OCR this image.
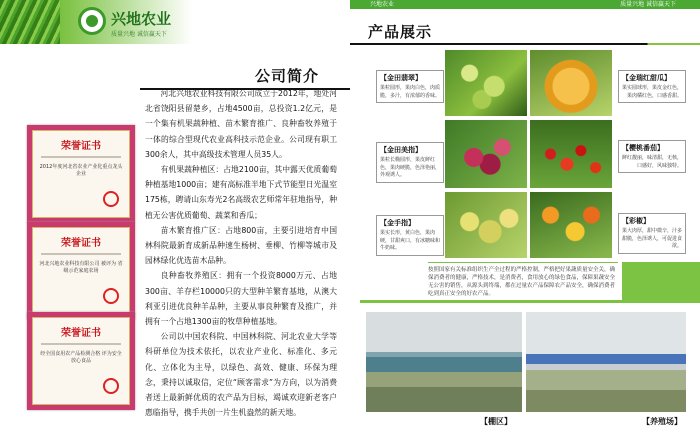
兴地农业
质量兴地 诚信赢天下
公司简介
荣誉证书
2012年度河北省农业产业化重点龙头企业
荣誉证书
河北兴地农业科技有限公司 被评为 省级示范家庭农场
荣誉证书
经全国食用农产品检测合格 评为安全放心食品

河北兴地农业科技有限公司成立于2012年，地处河北省饶阳县留楚乡，占地4500亩，总投资1.2亿元，是一个集有机果蔬种植、苗木繁育推广、良种畜牧养殖于一体的综合型现代农业高科技示范企业。公司现有职工300余人，其中高级技术管理人员35人。

有机果蔬种植区：占地2100亩，其中露天优质葡萄种植基地1000亩；建有高标准半地下式节能型日光温室175栋，聘请山东寿光2名高级农艺师常年驻地指导，种植无公害优质葡萄、蔬菜和香瓜；

苗木繁育推广区：占地800亩，主要引进培育中国林科院最新育成新品种速生杨树、垂柳、竹柳等城市及园林绿化优选苗木品种。

良种畜牧养殖区：拥有一个投资8000万元、占地300亩、羊存栏10000只的大型种羊繁育基地，从澳大利亚引进优良种羊品种，主要从事良种繁育及推广，并拥有一个占地1300亩的牧草种植基地。

公司以中国农科院、中国林科院、河北农业大学等科研单位为技术依托，以农业产业化、标准化、多元化、立体化为主导，以绿色、高效、健康、环保为理念，秉持以诚取信，定位“顾客需求”为方向，以为消费者送上最新鲜优质的农产品为目标，竭诚欢迎新老客户惠临指导，携手共创一片生机盎然的新天地。

兴地农业	质量兴地 诚信赢天下
产品展示
【金田翡翠】
果粒圆形，果肉白色，肉质脆，多汁，有浓郁的香味。
【金瑞红甜瓜】
果实圆球形，果皮金红色，果肉橘红色，口感香甜。
【金田美指】
果粒长椭圆形，果皮鲜红色，果肉硬脆，色泽艳丽，外观诱人。
【樱桃番茄】
鲜红靓丽，味清甜，无核，口感好，风味独特。
【金手指】
果实长形，黄白色，果肉硬，甘甜爽口，有冰糖味和牛奶味。
【彩椒】
果大肉厚，甜中微辛，汁多甜脆，色泽诱人，可促进食欲。
按照国家有关标准组织生产全过程的严格控制，严格把好果蔬质量安全关，确保消费者的健康，严格技术，是消费者，食用放心的绿色食品，保障果蔬安全无公害的销售，从源头到终端，都在过量农产品保障农产品安全，确保消费者吃到真正安全的好农产品。
【棚区】	【养殖场】
